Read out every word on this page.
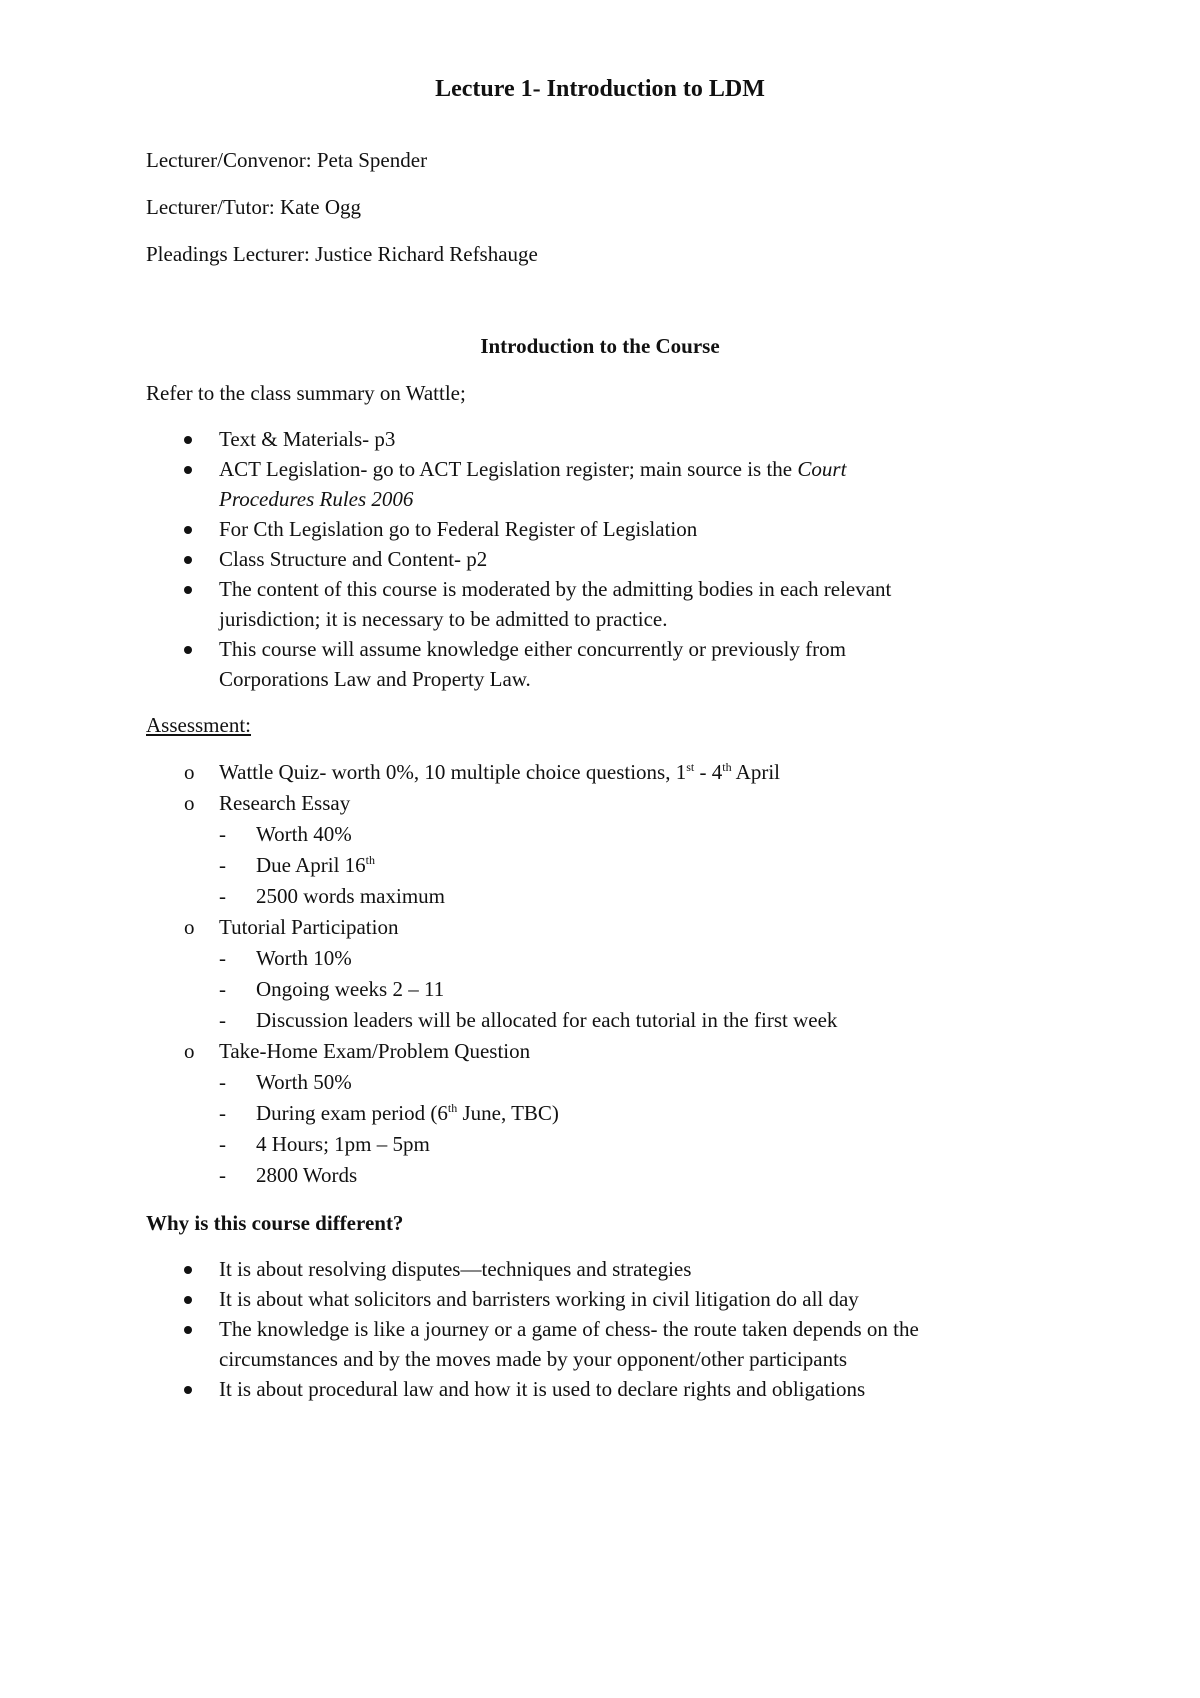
Lecture 1- Introduction to LDM
Lecturer/Convenor: Peta Spender
Lecturer/Tutor: Kate Ogg
Pleadings Lecturer: Justice Richard Refshauge
Introduction to the Course
Refer to the class summary on Wattle;
Text & Materials- p3
ACT Legislation- go to ACT Legislation register; main source is the Court
Procedures Rules 2006
For Cth Legislation go to Federal Register of Legislation
Class Structure and Content- p2
The content of this course is moderated by the admitting bodies in each relevant
jurisdiction; it is necessary to be admitted to practice.
This course will assume knowledge either concurrently or previously from
Corporations Law and Property Law.
Assessment:
o Wattle Quiz- worth 0%, 10 multiple choice questions, 1st - 4th April
o Research Essay
- Worth 40%
- Due April 16th
- 2500 words maximum
o Tutorial Participation
- Worth 10%
- Ongoing weeks 2 – 11
- Discussion leaders will be allocated for each tutorial in the first week
o Take-Home Exam/Problem Question
- Worth 50%
- During exam period (6th June, TBC)
- 4 Hours; 1pm – 5pm
- 2800 Words
Why is this course different?
It is about resolving disputes—techniques and strategies
It is about what solicitors and barristers working in civil litigation do all day
The knowledge is like a journey or a game of chess- the route taken depends on the
circumstances and by the moves made by your opponent/other participants
It is about procedural law and how it is used to declare rights and obligations
